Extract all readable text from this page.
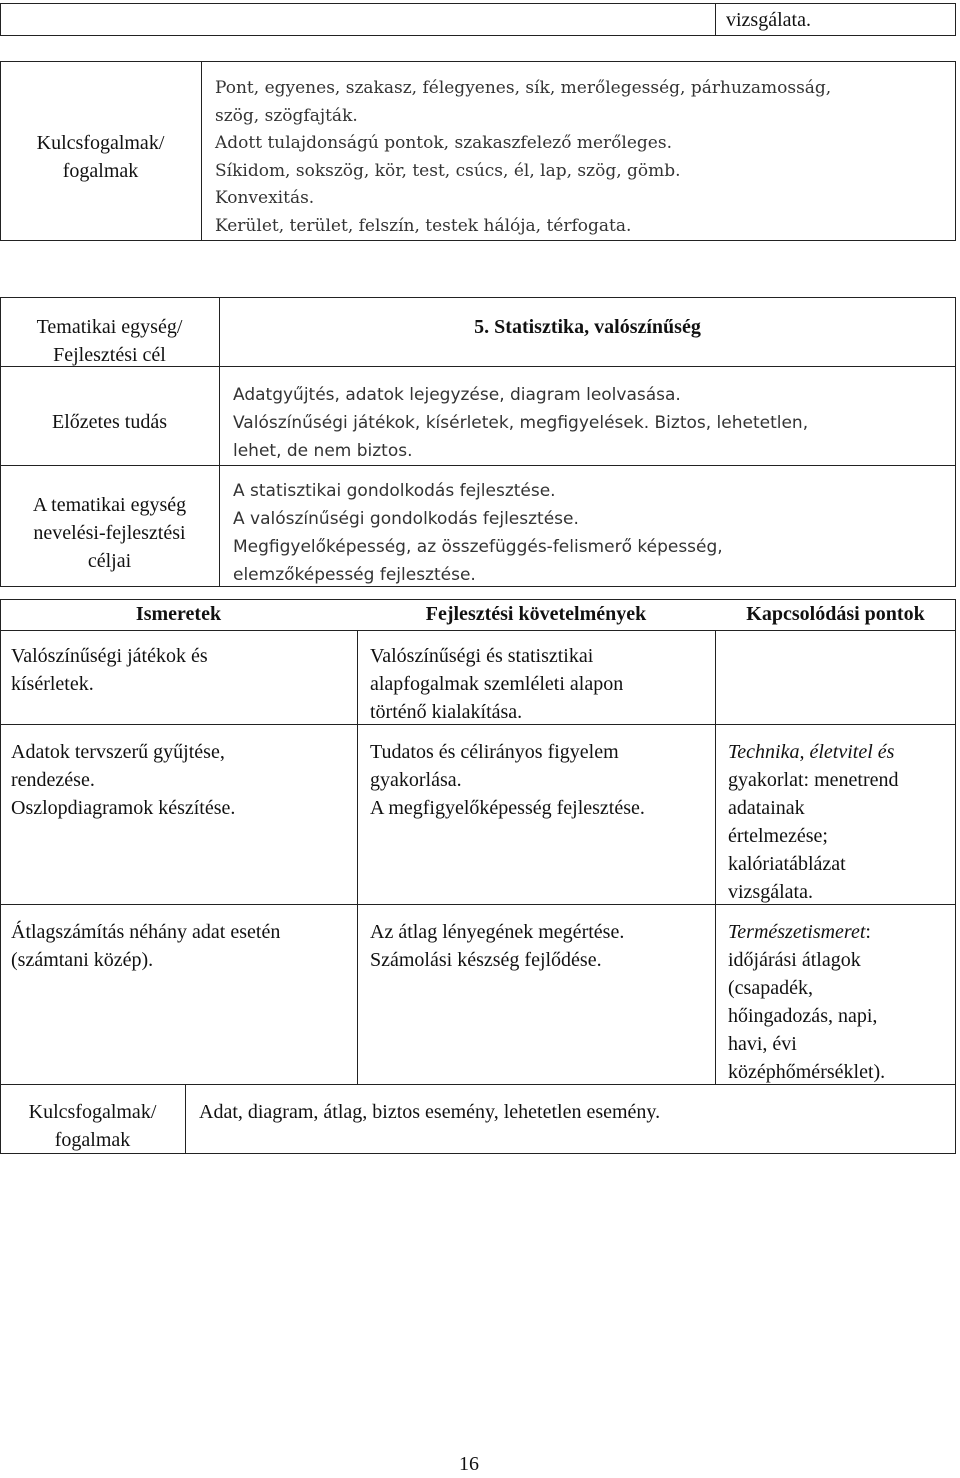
vizsgálata.
Kulcsfogalmak/
fogalmak
Pont, egyenes, szakasz, félegyenes, sík, merőlegesség, párhuzamosság,
szög, szögfajták.
Adott tulajdonságú pontok, szakaszfelező merőleges.
Síkidom, sokszög, kör, test, csúcs, él, lap, szög, gömb.
Konvexitás.
Kerület, terület, felszín, testek hálója, térfogata.
Tematikai egység/
Fejlesztési cél
Előzetes tudás
A tematikai egység
nevelési-fejlesztési
céljai
5. Statisztika, valószínűség
Adatgyűjtés, adatok lejegyzése, diagram leolvasása.
Valószínűségi játékok, kísérletek, megfigyelések. Biztos, lehetetlen,
lehet, de nem biztos.
A statisztikai gondolkodás fejlesztése.
A valószínűségi gondolkodás fejlesztése.
Megfigyelőképesség, az összefüggés-felismerő képesség,
elemzőképesség fejlesztése.
Ismeretek	Fejlesztési követelmények	Kapcsolódási pontok
Valószínűségi játékok és
kísérletek.
Valószínűségi és statisztikai
alapfogalmak szemléleti alapon
történő kialakítása.
Adatok tervszerű gyűjtése,
rendezése.
Oszlopdiagramok készítése.
Tudatos és célirányos figyelem
gyakorlása.
A megfigyelőképesség fejlesztése.
Technika, életvitel és
gyakorlat: menetrend
adatainak
értelmezése;
kalóriatáblázat
vizsgálata.
Átlagszámítás néhány adat esetén
(számtani közép).
Az átlag lényegének megértése.
Számolási készség fejlődése.
Természetismeret:
időjárási átlagok
(csapadék,
hőingadozás, napi,
havi, évi
középhőmérséklet).
Kulcsfogalmak/
fogalmak
Adat, diagram, átlag, biztos esemény, lehetetlen esemény.
16
